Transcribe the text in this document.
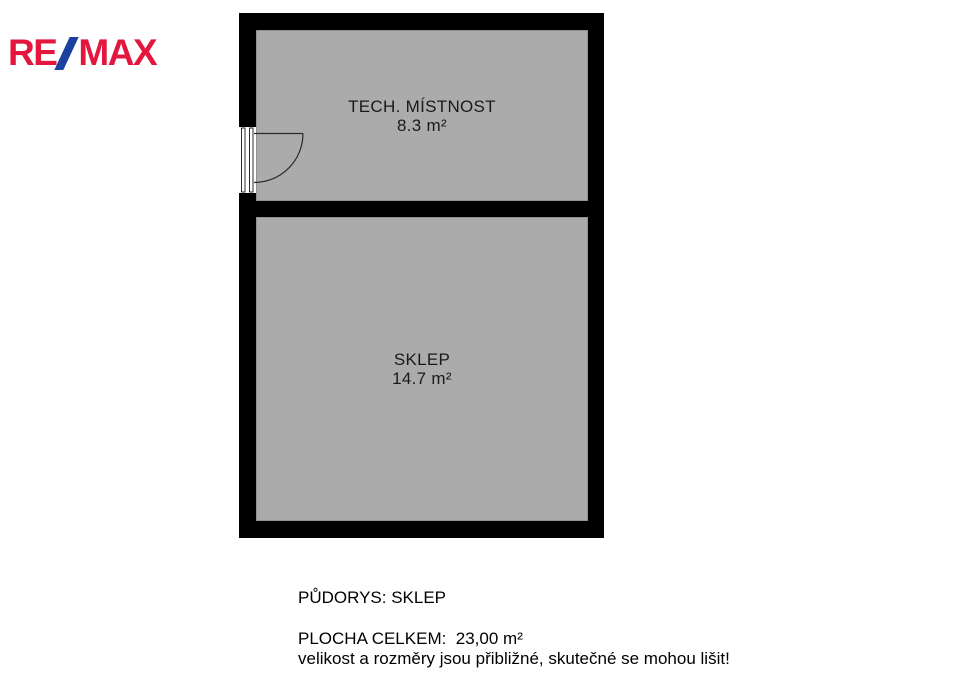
RE MAX
TECH. MÍSTNOST
8.3 m²
SKLEP
14.7 m²

PŮDORYS: SKLEP

PLOCHA CELKEM:  23,00 m²

velikost a rozměry jsou přibližné, skutečné se mohou lišit!
